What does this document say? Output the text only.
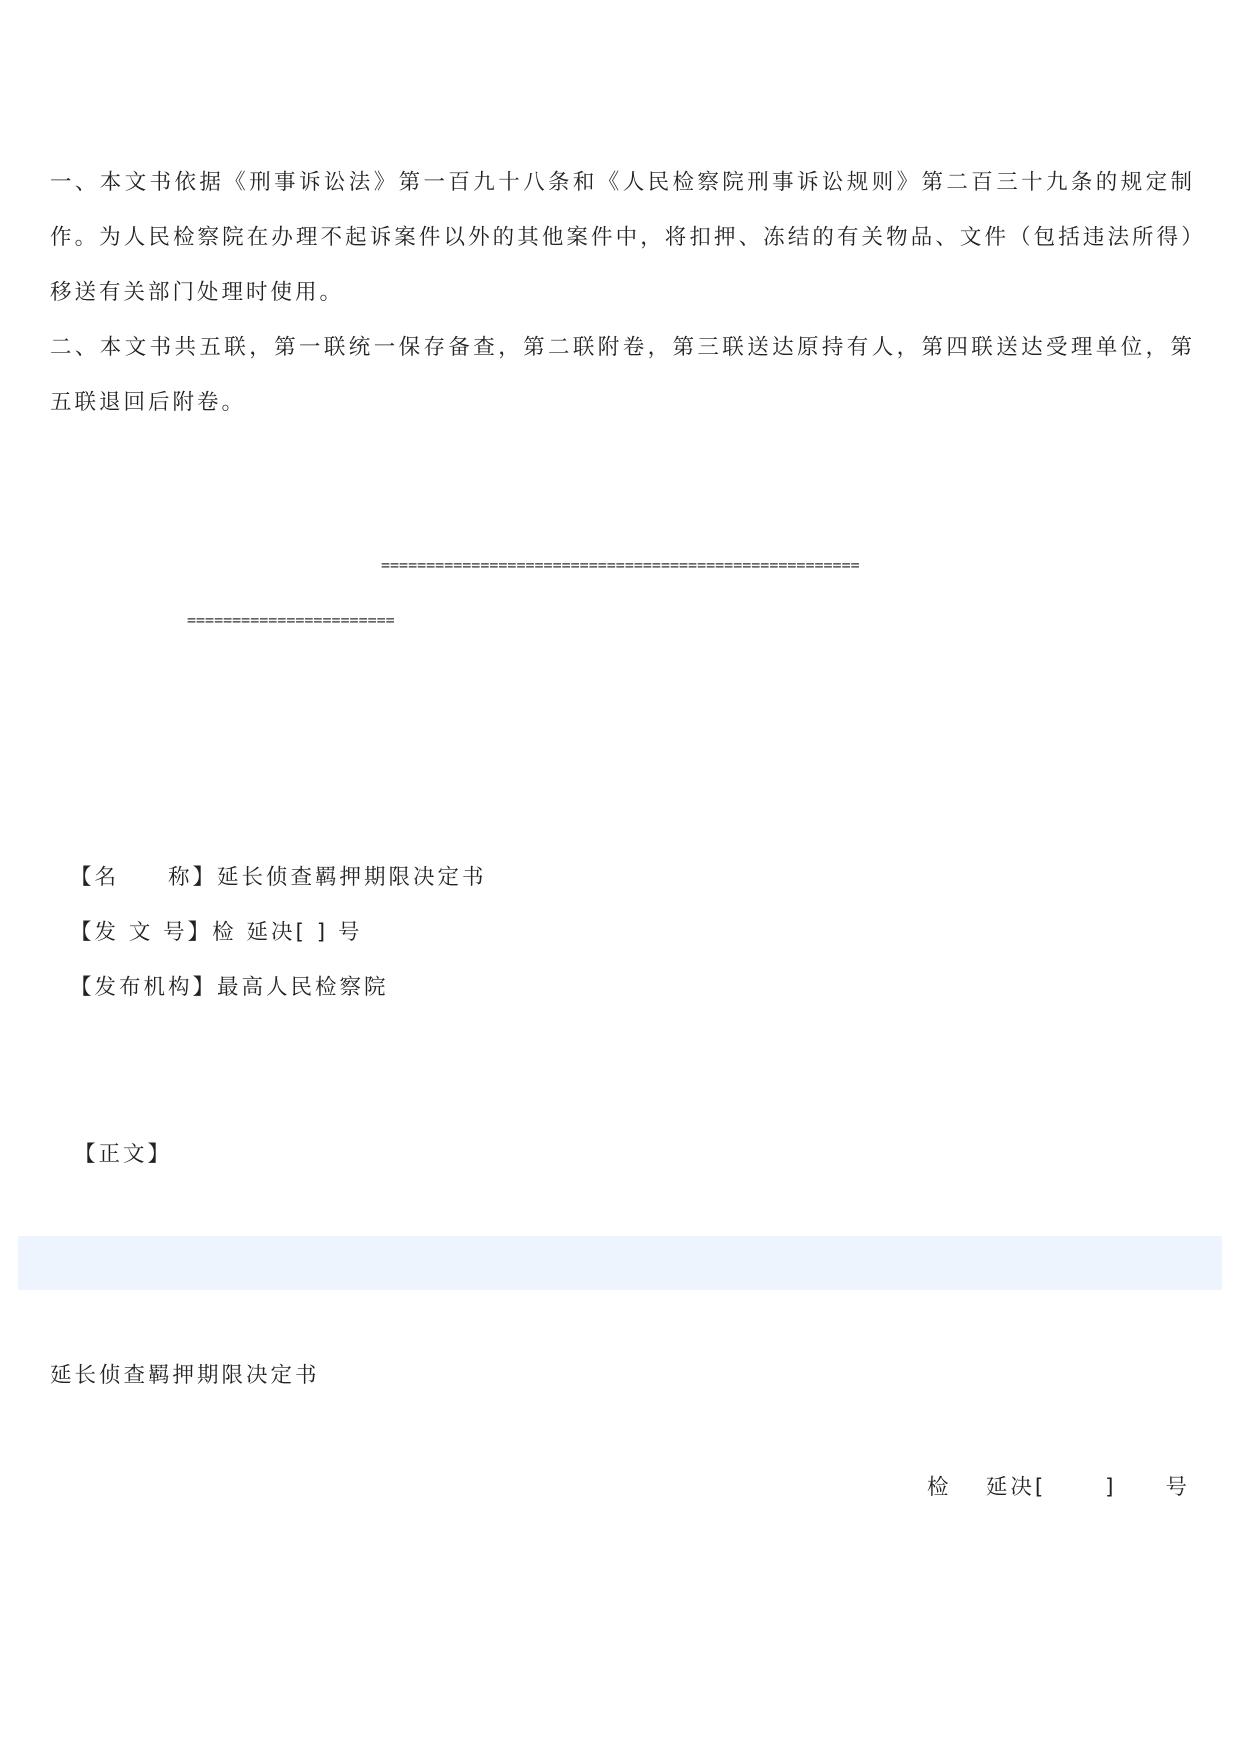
一、本文书依据《刑事诉讼法》第一百九十八条和《人民检察院刑事诉讼规则》第二百三十九条的规定制作。为人民检察院在办理不起诉案件以外的其他案件中，将扣押、冻结的有关物品、文件（包括违法所得）移送有关部门处理时使用。

二、本文书共五联，第一联统一保存备查，第二联附卷，第三联送达原持有人，第四联送达受理单位，第五联退回后附卷。

=====================================================
=======================
【名　　称】延长侦查羁押期限决定书
【发 文 号】检 延决[ ] 号
【发布机构】最高人民检察院
【正文】
延长侦查羁押期限决定书
检　 延决[　　 ]　　号
